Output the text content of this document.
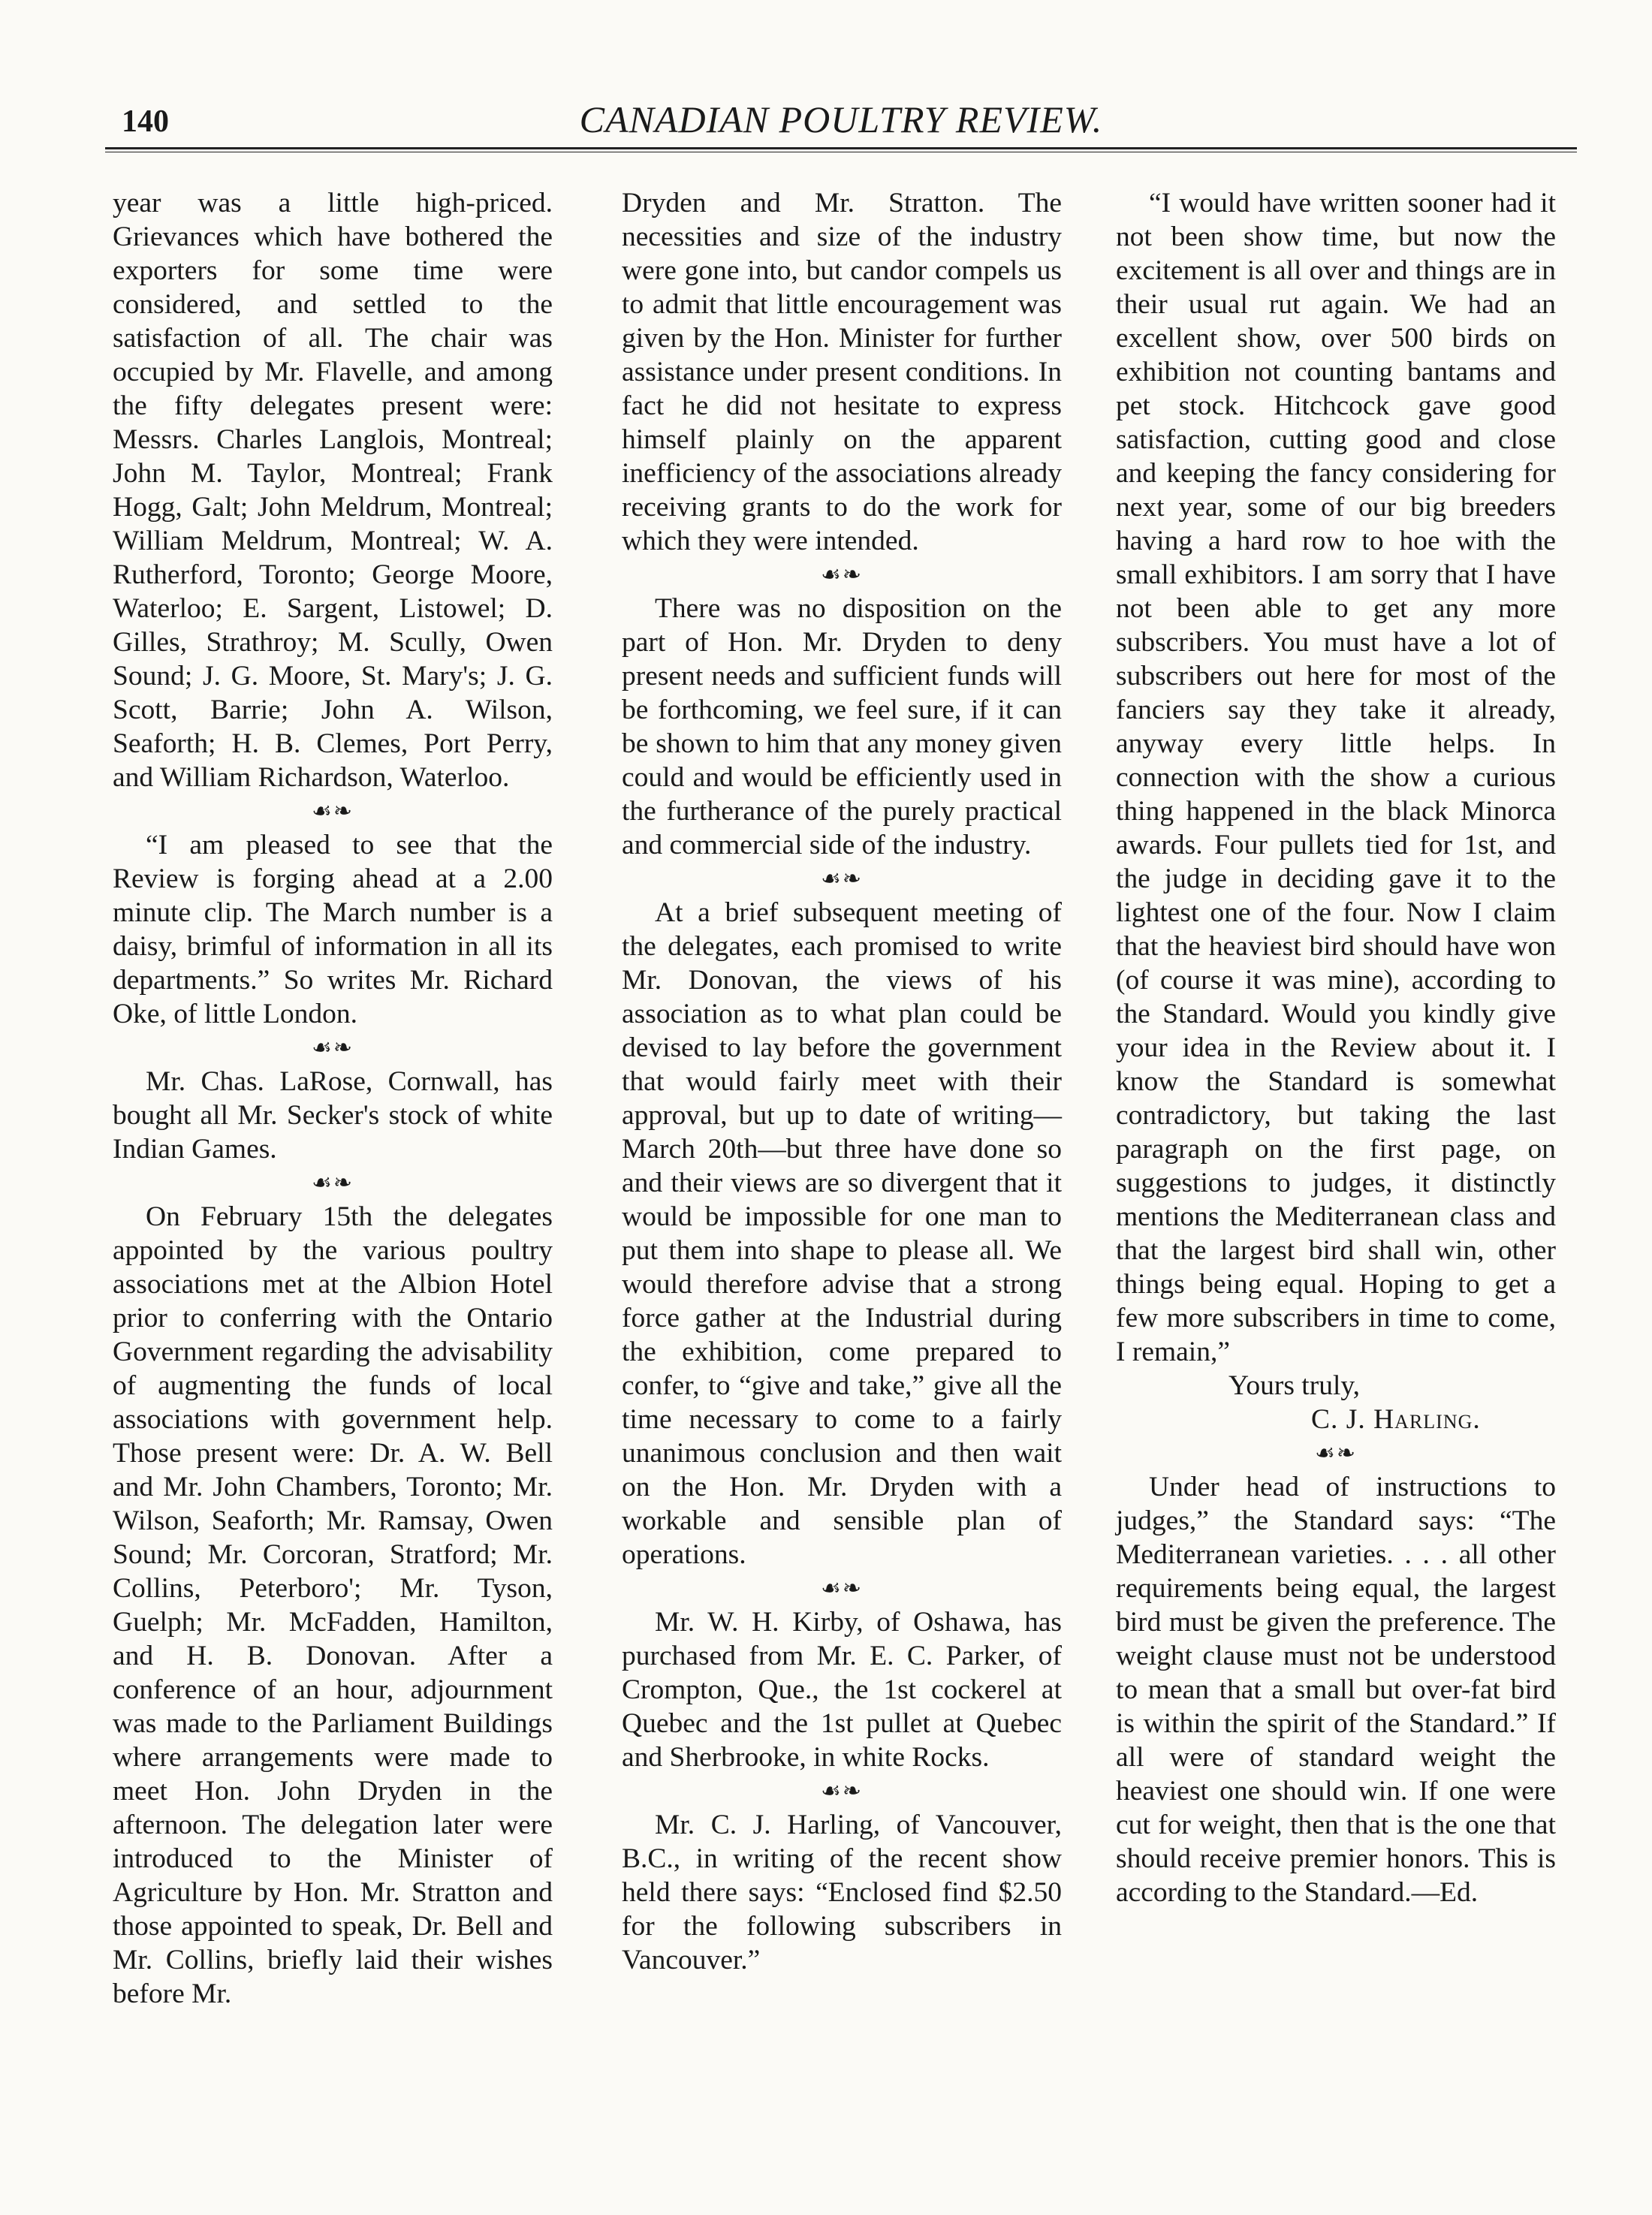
140	CANADIAN POULTRY REVIEW.

year was a little high-priced. Grievances which have bothered the exporters for some time were considered, and settled to the satisfaction of all. The chair was occupied by Mr. Flavelle, and among the fifty delegates present were: Messrs. Charles Langlois, Montreal; John M. Taylor, Montreal; Frank Hogg, Galt; John Meldrum, Montreal; William Meldrum, Montreal; W. A. Rutherford, Toronto; George Moore, Waterloo; E. Sargent, Listowel; D. Gilles, Strathroy; M. Scully, Owen Sound; J. G. Moore, St. Mary's; J. G. Scott, Barrie; John A. Wilson, Seaforth; H. B. Clemes, Port Perry, and William Richardson, Waterloo.

☙❧

“I am pleased to see that the Review is forging ahead at a 2.00 minute clip. The March number is a daisy, brimful of information in all its departments.” So writes Mr. Richard Oke, of little London.

☙❧

Mr. Chas. LaRose, Cornwall, has bought all Mr. Secker's stock of white Indian Games.

☙❧

On February 15th the delegates appointed by the various poultry associations met at the Albion Hotel prior to conferring with the Ontario Government regarding the advisability of augmenting the funds of local associations with government help. Those present were: Dr. A. W. Bell and Mr. John Chambers, Toronto; Mr. Wilson, Seaforth; Mr. Ramsay, Owen Sound; Mr. Corcoran, Stratford; Mr. Collins, Peterboro'; Mr. Tyson, Guelph; Mr. McFadden, Hamilton, and H. B. Donovan. After a conference of an hour, adjournment was made to the Parliament Buildings where arrangements were made to meet Hon. John Dryden in the afternoon. The delegation later were introduced to the Minister of Agriculture by Hon. Mr. Stratton and those appointed to speak, Dr. Bell and Mr. Collins, briefly laid their wishes before Mr.

Dryden and Mr. Stratton. The necessities and size of the industry were gone into, but candor compels us to admit that little encouragement was given by the Hon. Minister for further assistance under present conditions. In fact he did not hesitate to express himself plainly on the apparent inefficiency of the associations already receiving grants to do the work for which they were intended.

☙❧

There was no disposition on the part of Hon. Mr. Dryden to deny present needs and sufficient funds will be forthcoming, we feel sure, if it can be shown to him that any money given could and would be efficiently used in the furtherance of the purely practical and commercial side of the industry.

☙❧

At a brief subsequent meeting of the delegates, each promised to write Mr. Donovan, the views of his association as to what plan could be devised to lay before the government that would fairly meet with their approval, but up to date of writing—March 20th—but three have done so and their views are so divergent that it would be impossible for one man to put them into shape to please all. We would therefore advise that a strong force gather at the Industrial during the exhibition, come prepared to confer, to “give and take,” give all the time necessary to come to a fairly unanimous conclusion and then wait on the Hon. Mr. Dryden with a workable and sensible plan of operations.

☙❧

Mr. W. H. Kirby, of Oshawa, has purchased from Mr. E. C. Parker, of Crompton, Que., the 1st cockerel at Quebec and the 1st pullet at Quebec and Sherbrooke, in white Rocks.

☙❧

Mr. C. J. Harling, of Vancouver, B.C., in writing of the recent show held there says: “Enclosed find $2.50 for the following subscribers in Vancouver.”

“I would have written sooner had it not been show time, but now the excitement is all over and things are in their usual rut again. We had an excellent show, over 500 birds on exhibition not counting bantams and pet stock. Hitchcock gave good satisfaction, cutting good and close and keeping the fancy considering for next year, some of our big breeders having a hard row to hoe with the small exhibitors. I am sorry that I have not been able to get any more subscribers. You must have a lot of subscribers out here for most of the fanciers say they take it already, anyway every little helps. In connection with the show a curious thing happened in the black Minorca awards. Four pullets tied for 1st, and the judge in deciding gave it to the lightest one of the four. Now I claim that the heaviest bird should have won (of course it was mine), according to the Standard. Would you kindly give your idea in the Review about it. I know the Standard is somewhat contradictory, but taking the last paragraph on the first page, on suggestions to judges, it distinctly mentions the Mediterranean class and that the largest bird shall win, other things being equal. Hoping to get a few more subscribers in time to come, I remain,”

Yours truly,

C. J. Harling.

☙❧

Under head of instructions to judges,” the Standard says: “The Mediterranean varieties. . . . all other requirements being equal, the largest bird must be given the preference. The weight clause must not be understood to mean that a small but over-fat bird is within the spirit of the Standard.” If all were of standard weight the heaviest one should win. If one were cut for weight, then that is the one that should receive premier honors. This is according to the Standard.—Ed.
